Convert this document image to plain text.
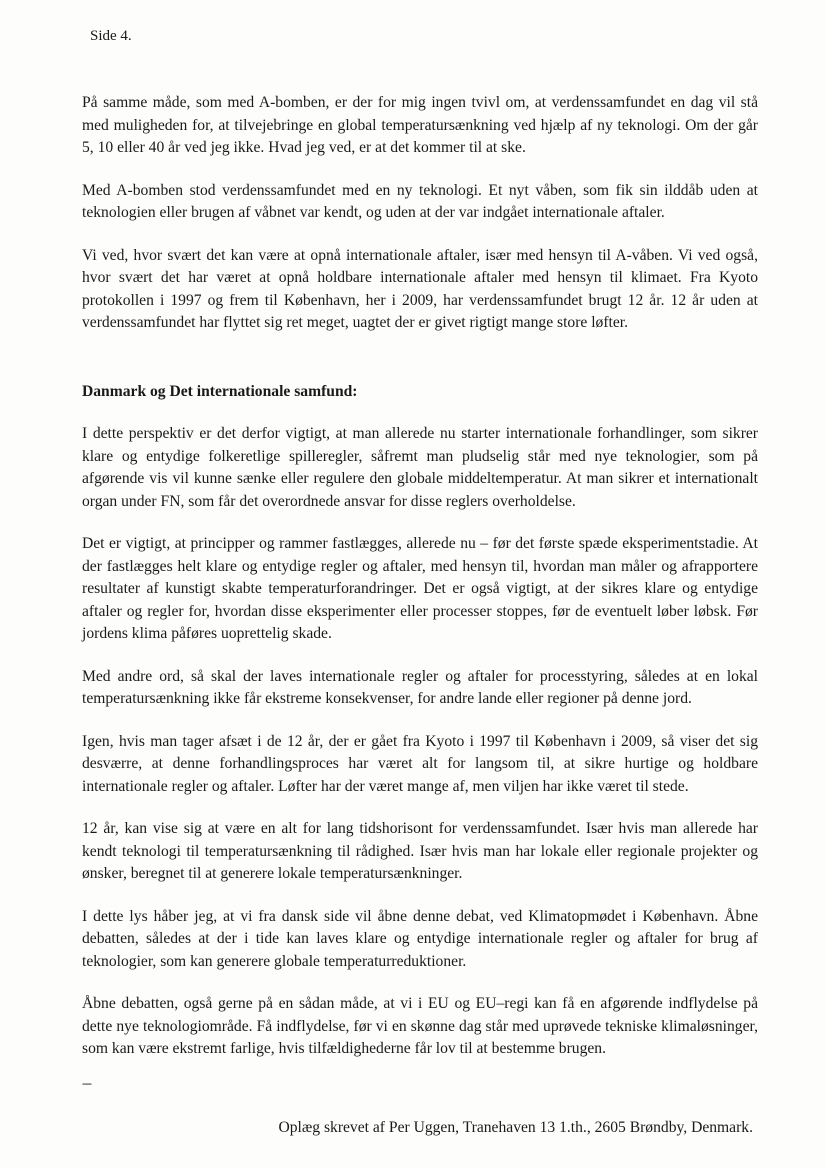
Side 4.

På samme måde, som med A-bomben, er der for mig ingen tvivl om, at verdenssamfundet en dag vil stå med muligheden for, at tilvejebringe en global temperatursænkning ved hjælp af ny teknologi. Om der går 5, 10 eller 40 år ved jeg ikke. Hvad jeg ved, er at det kommer til at ske.

Med A-bomben stod verdenssamfundet med en ny teknologi. Et nyt våben, som fik sin ilddåb uden at teknologien eller brugen af våbnet var kendt, og uden at der var indgået internationale aftaler.

Vi ved, hvor svært det kan være at opnå internationale aftaler, især med hensyn til A-våben. Vi ved også, hvor svært det har været at opnå holdbare internationale aftaler med hensyn til klimaet. Fra Kyoto protokollen i 1997 og frem til København, her i 2009, har verdenssamfundet brugt 12 år. 12 år uden at verdenssamfundet har flyttet sig ret meget, uagtet der er givet rigtigt mange store løfter.

Danmark og Det internationale samfund:

I dette perspektiv er det derfor vigtigt, at man allerede nu starter internationale forhandlinger, som sikrer klare og entydige folkeretlige spilleregler, såfremt man pludselig står med nye teknologier, som på afgørende vis vil kunne sænke eller regulere den globale middeltemperatur. At man sikrer et internationalt organ under FN, som får det overordnede ansvar for disse reglers overholdelse.

Det er vigtigt, at principper og rammer fastlægges, allerede nu – før det første spæde eksperimentstadie. At der fastlægges helt klare og entydige regler og aftaler, med hensyn til, hvordan man måler og afrapportere resultater af kunstigt skabte temperaturforandringer. Det er også vigtigt, at der sikres klare og entydige aftaler og regler for, hvordan disse eksperimenter eller processer stoppes, før de eventuelt løber løbsk. Før jordens klima påføres uoprettelig skade.

Med andre ord, så skal der laves internationale regler og aftaler for processtyring, således at en lokal temperatursænkning ikke får ekstreme konsekvenser, for andre lande eller regioner på denne jord.

Igen, hvis man tager afsæt i de 12 år, der er gået fra Kyoto i 1997 til København i 2009, så viser det sig desværre, at denne forhandlingsproces har været alt for langsom til, at sikre hurtige og holdbare internationale regler og aftaler. Løfter har der været mange af, men viljen har ikke været til stede.

12 år, kan vise sig at være en alt for lang tidshorisont for verdenssamfundet. Især hvis man allerede har kendt teknologi til temperatursænkning til rådighed. Især hvis man har lokale eller regionale projekter og ønsker, beregnet til at generere lokale temperatursænkninger.

I dette lys håber jeg, at vi fra dansk side vil åbne denne debat, ved Klimatopmødet i København. Åbne debatten, således at der i tide kan laves klare og entydige internationale regler og aftaler for brug af teknologier, som kan generere globale temperaturreduktioner.

Åbne debatten, også gerne på en sådan måde, at vi i EU og EU–regi kan få en afgørende indflydelse på dette nye teknologiområde. Få indflydelse, før vi en skønne dag står med uprøvede tekniske klimaløsninger, som kan være ekstremt farlige, hvis tilfældighederne får lov til at bestemme brugen.

---
Oplæg skrevet af Per Uggen, Tranehaven 13 1.th., 2605 Brøndby, Denmark.
